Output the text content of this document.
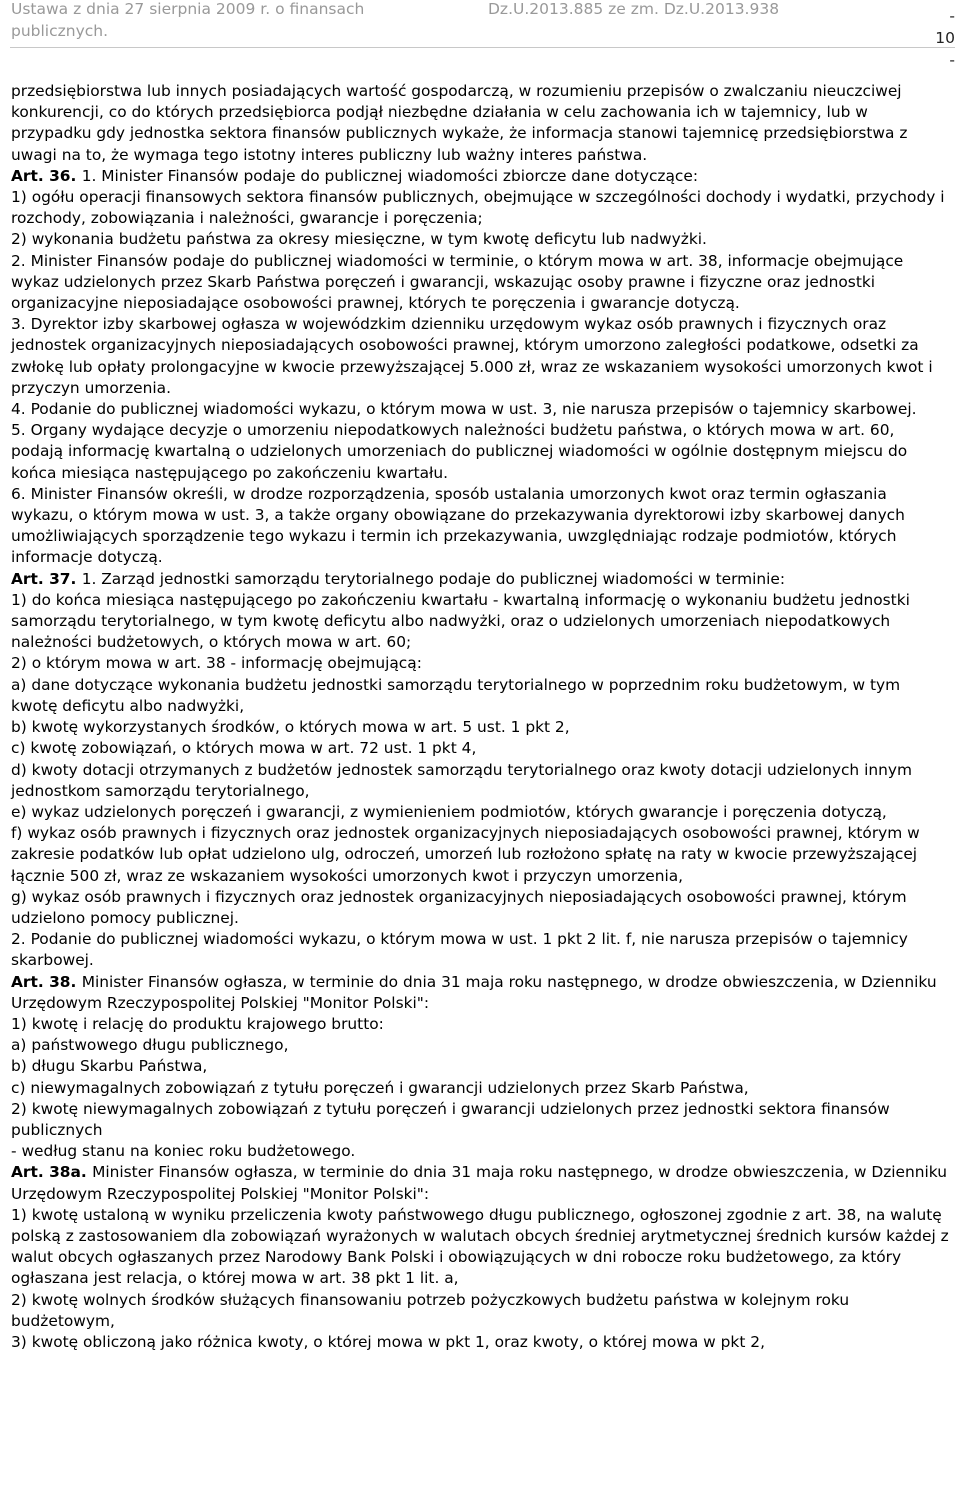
Ustawa z dnia 27 sierpnia 2009 r. o finansach publicznych.
Dz.U.2013.885 ze zm. Dz.U.2013.938	- 10 -

przedsiębiorstwa lub innych posiadających wartość gospodarczą, w rozumieniu przepisów o zwalczaniu nieuczciwej konkurencji, co do których przedsiębiorca podjął niezbędne działania w celu zachowania ich w tajemnicy, lub w przypadku gdy jednostka sektora finansów publicznych wykaże, że informacja stanowi tajemnicę przedsiębiorstwa z uwagi na to, że wymaga tego istotny interes publiczny lub ważny interes państwa.

Art. 36. 1. Minister Finansów podaje do publicznej wiadomości zbiorcze dane dotyczące:

1) ogółu operacji finansowych sektora finansów publicznych, obejmujące w szczególności dochody i wydatki, przychody i rozchody, zobowiązania i należności, gwarancje i poręczenia;

2) wykonania budżetu państwa za okresy miesięczne, w tym kwotę deficytu lub nadwyżki.

2. Minister Finansów podaje do publicznej wiadomości w terminie, o którym mowa w art. 38, informacje obejmujące wykaz udzielonych przez Skarb Państwa poręczeń i gwarancji, wskazując osoby prawne i fizyczne oraz jednostki organizacyjne nieposiadające osobowości prawnej, których te poręczenia i gwarancje dotyczą.

3. Dyrektor izby skarbowej ogłasza w wojewódzkim dzienniku urzędowym wykaz osób prawnych i fizycznych oraz jednostek organizacyjnych nieposiadających osobowości prawnej, którym umorzono zaległości podatkowe, odsetki za zwłokę lub opłaty prolongacyjne w kwocie przewyższającej 5.000 zł, wraz ze wskazaniem wysokości umorzonych kwot i przyczyn umorzenia.

4. Podanie do publicznej wiadomości wykazu, o którym mowa w ust. 3, nie narusza przepisów o tajemnicy skarbowej.

5. Organy wydające decyzje o umorzeniu niepodatkowych należności budżetu państwa, o których mowa w art. 60, podają informację kwartalną o udzielonych umorzeniach do publicznej wiadomości w ogólnie dostępnym miejscu do końca miesiąca następującego po zakończeniu kwartału.

6. Minister Finansów określi, w drodze rozporządzenia, sposób ustalania umorzonych kwot oraz termin ogłaszania wykazu, o którym mowa w ust. 3, a także organy obowiązane do przekazywania dyrektorowi izby skarbowej danych umożliwiających sporządzenie tego wykazu i termin ich przekazywania, uwzględniając rodzaje podmiotów, których informacje dotyczą.

Art. 37. 1. Zarząd jednostki samorządu terytorialnego podaje do publicznej wiadomości w terminie:

1) do końca miesiąca następującego po zakończeniu kwartału - kwartalną informację o wykonaniu budżetu jednostki samorządu terytorialnego, w tym kwotę deficytu albo nadwyżki, oraz o udzielonych umorzeniach niepodatkowych należności budżetowych, o których mowa w art. 60;

2) o którym mowa w art. 38 - informację obejmującą:

a) dane dotyczące wykonania budżetu jednostki samorządu terytorialnego w poprzednim roku budżetowym, w tym kwotę deficytu albo nadwyżki,

b) kwotę wykorzystanych środków, o których mowa w art. 5 ust. 1 pkt 2,

c) kwotę zobowiązań, o których mowa w art. 72 ust. 1 pkt 4,

d) kwoty dotacji otrzymanych z budżetów jednostek samorządu terytorialnego oraz kwoty dotacji udzielonych innym jednostkom samorządu terytorialnego,

e) wykaz udzielonych poręczeń i gwarancji, z wymienieniem podmiotów, których gwarancje i poręczenia dotyczą,

f) wykaz osób prawnych i fizycznych oraz jednostek organizacyjnych nieposiadających osobowości prawnej, którym w zakresie podatków lub opłat udzielono ulg, odroczeń, umorzeń lub rozłożono spłatę na raty w kwocie przewyższającej łącznie 500 zł, wraz ze wskazaniem wysokości umorzonych kwot i przyczyn umorzenia,

g) wykaz osób prawnych i fizycznych oraz jednostek organizacyjnych nieposiadających osobowości prawnej, którym udzielono pomocy publicznej.

2. Podanie do publicznej wiadomości wykazu, o którym mowa w ust. 1 pkt 2 lit. f, nie narusza przepisów o tajemnicy skarbowej.

Art. 38. Minister Finansów ogłasza, w terminie do dnia 31 maja roku następnego, w drodze obwieszczenia, w Dzienniku Urzędowym Rzeczypospolitej Polskiej "Monitor Polski":

1) kwotę i relację do produktu krajowego brutto:

a) państwowego długu publicznego,

b) długu Skarbu Państwa,

c) niewymagalnych zobowiązań z tytułu poręczeń i gwarancji udzielonych przez Skarb Państwa,

2) kwotę niewymagalnych zobowiązań z tytułu poręczeń i gwarancji udzielonych przez jednostki sektora finansów publicznych

- według stanu na koniec roku budżetowego.

Art. 38a. Minister Finansów ogłasza, w terminie do dnia 31 maja roku następnego, w drodze obwieszczenia, w Dzienniku Urzędowym Rzeczypospolitej Polskiej "Monitor Polski":

1) kwotę ustaloną w wyniku przeliczenia kwoty państwowego długu publicznego, ogłoszonej zgodnie z art. 38, na walutę polską z zastosowaniem dla zobowiązań wyrażonych w walutach obcych średniej arytmetycznej średnich kursów każdej z walut obcych ogłaszanych przez Narodowy Bank Polski i obowiązujących w dni robocze roku budżetowego, za który ogłaszana jest relacja, o której mowa w art. 38 pkt 1 lit. a,

2) kwotę wolnych środków służących finansowaniu potrzeb pożyczkowych budżetu państwa w kolejnym roku budżetowym,

3) kwotę obliczoną jako różnica kwoty, o której mowa w pkt 1, oraz kwoty, o której mowa w pkt 2,
